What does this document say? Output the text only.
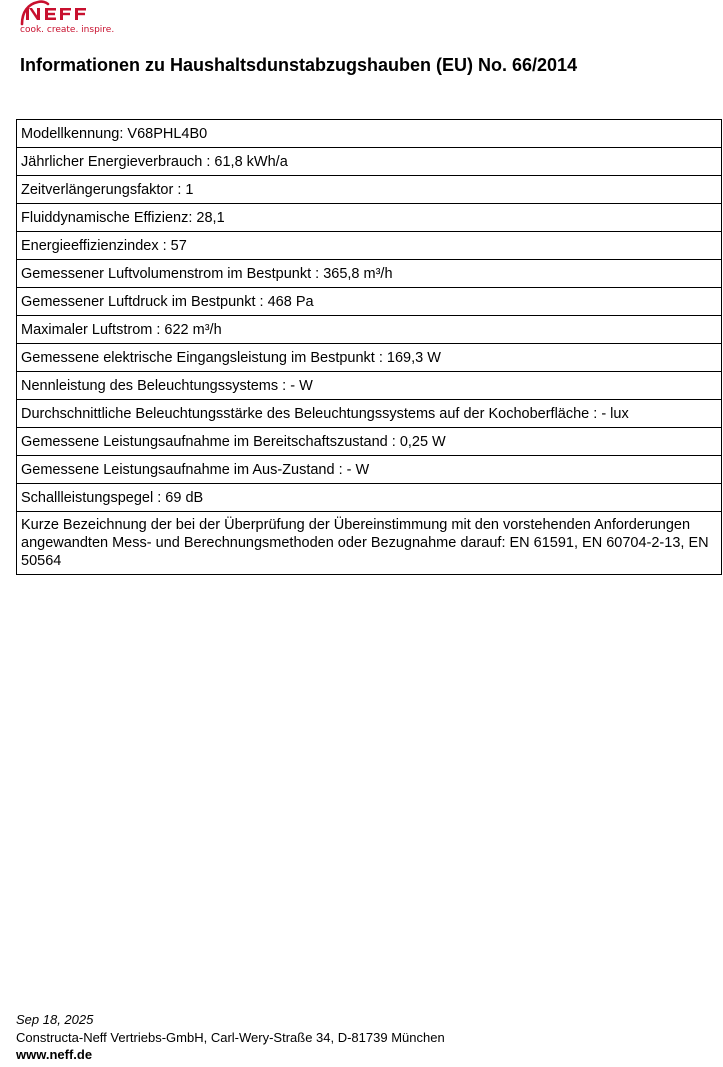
cook. create. inspire.
Informationen zu Haushaltsdunstabzugshauben (EU) No. 66/2014
Modellkennung: V68PHL4B0
Jährlicher Energieverbrauch : 61,8 kWh/a
Zeitverlängerungsfaktor : 1
Fluiddynamische Effizienz: 28,1
Energieeffizienzindex : 57
Gemessener Luftvolumenstrom im Bestpunkt : 365,8 m³/h
Gemessener Luftdruck im Bestpunkt : 468 Pa
Maximaler Luftstrom : 622 m³/h
Gemessene elektrische Eingangsleistung im Bestpunkt : 169,3 W
Nennleistung des Beleuchtungssystems : - W
Durchschnittliche Beleuchtungsstärke des Beleuchtungssystems auf der Kochoberfläche : - lux
Gemessene Leistungsaufnahme im Bereitschaftszustand : 0,25 W
Gemessene Leistungsaufnahme im Aus-Zustand : - W
Schallleistungspegel : 69 dB
Kurze Bezeichnung der bei der Überprüfung der Übereinstimmung mit den vorstehenden Anforderungen angewandten Mess- und Berechnungsmethoden oder Bezugnahme darauf: EN 61591, EN 60704-2-13, EN 50564
Sep 18, 2025
Constructa-Neff Vertriebs-GmbH, Carl-Wery-Straße 34, D-81739 München
www.neff.de
